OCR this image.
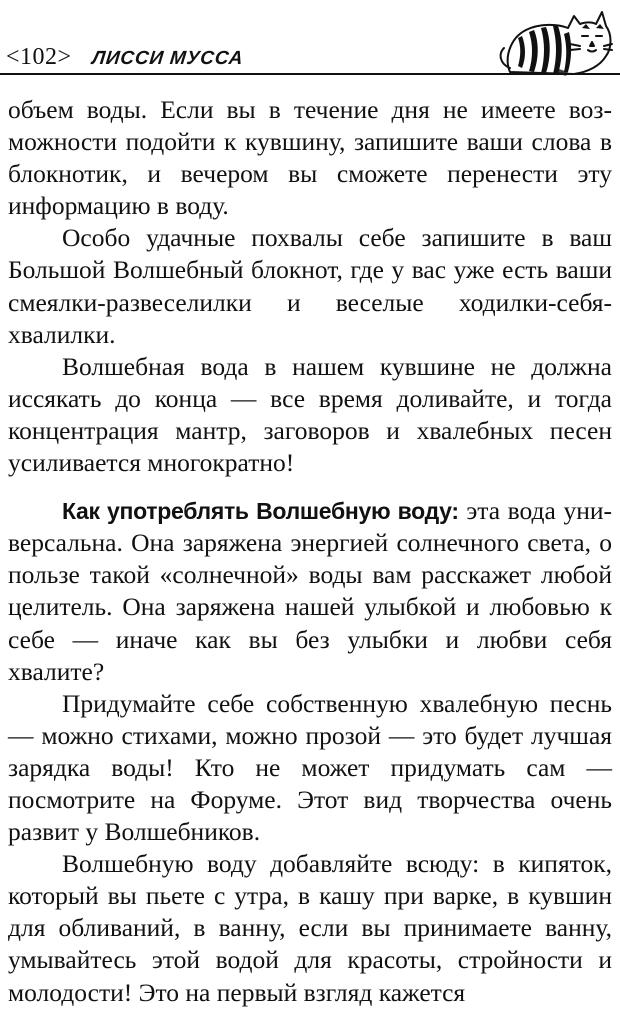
<102> ЛИССИ МУССА

объем воды. Если вы в течение дня не имеете возможности подойти к кувшину, запишите ваши слова в блокнотик, и вечером вы сможете перенести эту информацию в воду.

Особо удачные похвалы себе запишите в ваш Большой Волшебный блокнот, где у вас уже есть ваши смеялки-развеселилки и веселые ходилки-себя-хвалилки.

Волшебная вода в нашем кувшине не должна иссякать до конца — все время доливайте, и тогда концентрация мантр, заговоров и хвалебных песен усиливается многократно!

Как употреблять Волшебную воду: эта вода универсальна. Она заряжена энергией солнечного света, о пользе такой «солнечной» воды вам расскажет любой целитель. Она заряжена нашей улыбкой и любовью к себе — иначе как вы без улыбки и любви себя хвалите?

Придумайте себе собственную хвалебную песнь — можно стихами, можно прозой — это будет лучшая зарядка воды! Кто не может придумать сам — посмотрите на Форуме. Этот вид творчества очень развит у Волшебников.

Волшебную воду добавляйте всюду: в кипяток, который вы пьете с утра, в кашу при варке, в кувшин для обливаний, в ванну, если вы принимаете ванну, умывайтесь этой водой для красоты, стройности и молодости! Это на первый взгляд кажется
